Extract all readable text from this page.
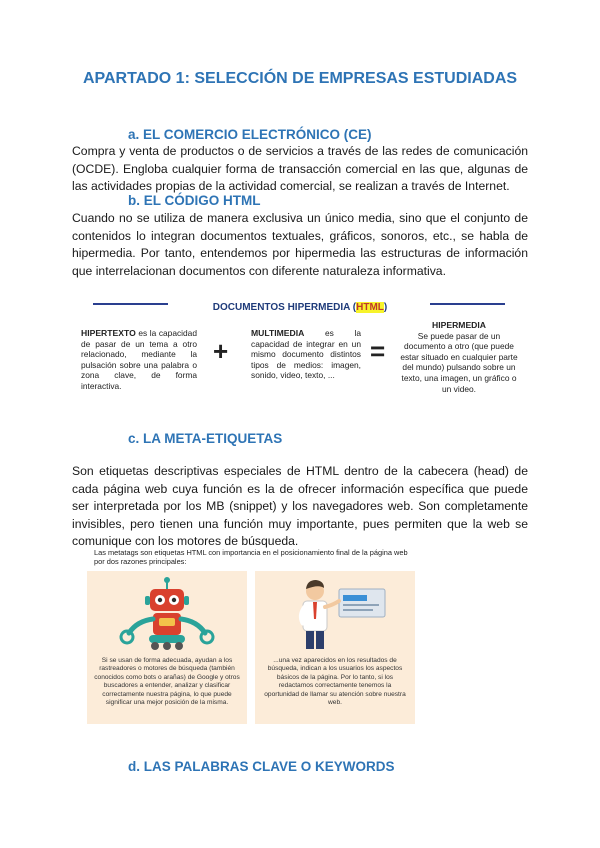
APARTADO 1: SELECCIÓN DE EMPRESAS ESTUDIADAS
a. EL COMERCIO ELECTRÓNICO (CE)

Compra y venta de productos o de servicios a través de las redes de comunicación (OCDE). Engloba cualquier forma de transacción comercial en las que, algunas de las actividades propias de la actividad comercial, se realizan a través de Internet.

b. EL CÓDIGO HTML

Cuando no se utiliza de manera exclusiva un único media, sino que el conjunto de contenidos lo integran documentos textuales, gráficos, sonoros, etc., se habla de hipermedia. Por tanto, entendemos por hipermedia las estructuras de información que interrelacionan documentos con diferente naturaleza informativa.

DOCUMENTOS HIPERMEDIA (HTML)
HIPERTEXTO es la capacidad de pasar de un tema a otro relacionado, mediante la pulsación sobre una palabra o zona clave, de forma interactiva.
+
MULTIMEDIA es la capacidad de integrar en un mismo documento distintos tipos de medios: imagen, sonido, video, texto, ...
=
HIPERMEDIA
Se puede pasar de un documento a otro (que puede estar situado en cualquier parte del mundo) pulsando sobre un texto, una imagen, un gráfico o un video.
c. LA META-ETIQUETAS

Son etiquetas descriptivas especiales de HTML dentro de la cabecera (head) de cada página web cuya función es la de ofrecer información específica que puede ser interpretada por los MB (snippet) y los navegadores web. Son completamente invisibles, pero tienen una función muy importante, pues permiten que la web se comunique con los motores de búsqueda.

Las metatags son etiquetas HTML con importancia en el posicionamiento final de la página web por dos razones principales:
Si se usan de forma adecuada, ayudan a los rastreadores o motores de búsqueda (también conocidos como bots o arañas) de Google y otros buscadores a entender, analizar y clasificar correctamente nuestra página, lo que puede significar una mejor posición de la misma.
...una vez aparecidos en los resultados de búsqueda, indican a los usuarios los aspectos básicos de la página. Por lo tanto, si los redactamos correctamente tenemos la oportunidad de llamar su atención sobre nuestra web.
d. LAS PALABRAS CLAVE O KEYWORDS
